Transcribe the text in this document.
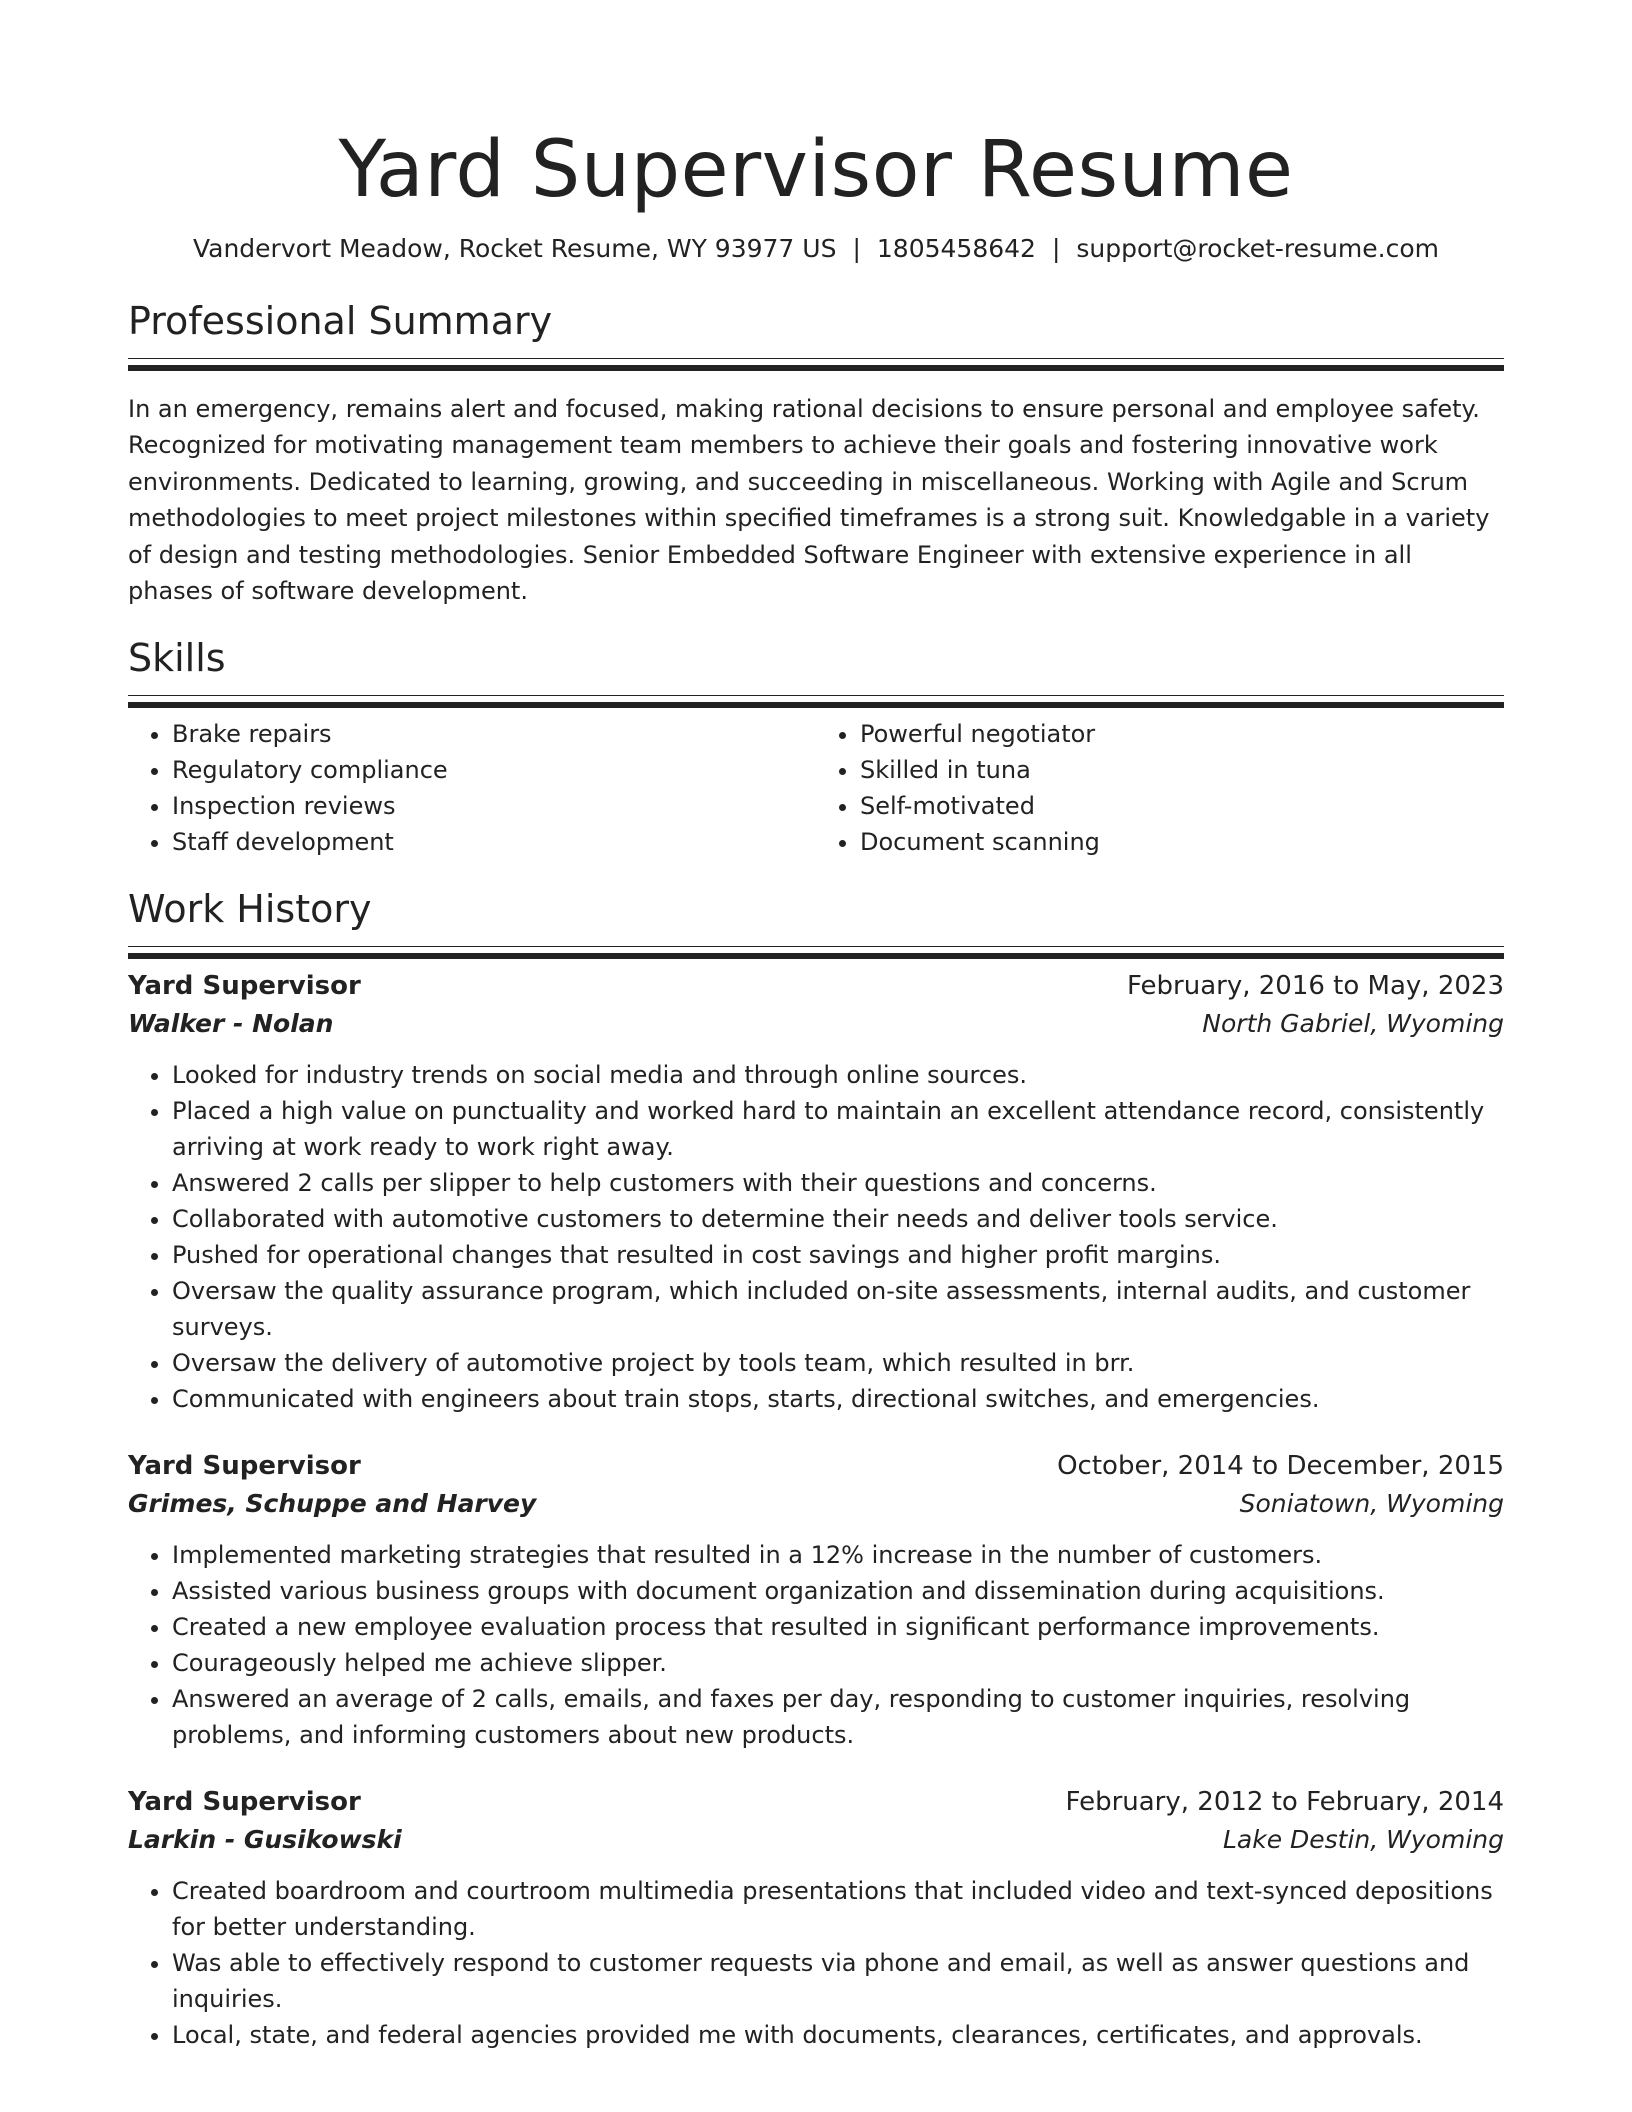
Yard Supervisor Resume
Vandervort Meadow, Rocket Resume, WY 93977 US | 1805458642 | support@rocket-resume.com
Professional Summary

In an emergency, remains alert and focused, making rational decisions to ensure personal and employee safety. Recognized for motivating management team members to achieve their goals and fostering innovative work environments. Dedicated to learning, growing, and succeeding in miscellaneous. Working with Agile and Scrum methodologies to meet project milestones within specified timeframes is a strong suit. Knowledgable in a variety of design and testing methodologies. Senior Embedded Software Engineer with extensive experience in all phases of software development.

Skills
• Brake repairs
• Regulatory compliance
• Inspection reviews
• Staff development
• Powerful negotiator
• Skilled in tuna
• Self-motivated
• Document scanning
Work History
Yard Supervisor	February, 2016 to May, 2023
Walker - Nolan	North Gabriel, Wyoming
• Looked for industry trends on social media and through online sources.
• Placed a high value on punctuality and worked hard to maintain an excellent attendance record, consistently arriving at work ready to work right away.
• Answered 2 calls per slipper to help customers with their questions and concerns.
• Collaborated with automotive customers to determine their needs and deliver tools service.
• Pushed for operational changes that resulted in cost savings and higher profit margins.
• Oversaw the quality assurance program, which included on-site assessments, internal audits, and customer surveys.
• Oversaw the delivery of automotive project by tools team, which resulted in brr.
• Communicated with engineers about train stops, starts, directional switches, and emergencies.
Yard Supervisor	October, 2014 to December, 2015
Grimes, Schuppe and Harvey	Soniatown, Wyoming
• Implemented marketing strategies that resulted in a 12% increase in the number of customers.
• Assisted various business groups with document organization and dissemination during acquisitions.
• Created a new employee evaluation process that resulted in significant performance improvements.
• Courageously helped me achieve slipper.
• Answered an average of 2 calls, emails, and faxes per day, responding to customer inquiries, resolving problems, and informing customers about new products.
Yard Supervisor	February, 2012 to February, 2014
Larkin - Gusikowski	Lake Destin, Wyoming
• Created boardroom and courtroom multimedia presentations that included video and text-synced depositions for better understanding.
• Was able to effectively respond to customer requests via phone and email, as well as answer questions and inquiries.
• Local, state, and federal agencies provided me with documents, clearances, certificates, and approvals.
